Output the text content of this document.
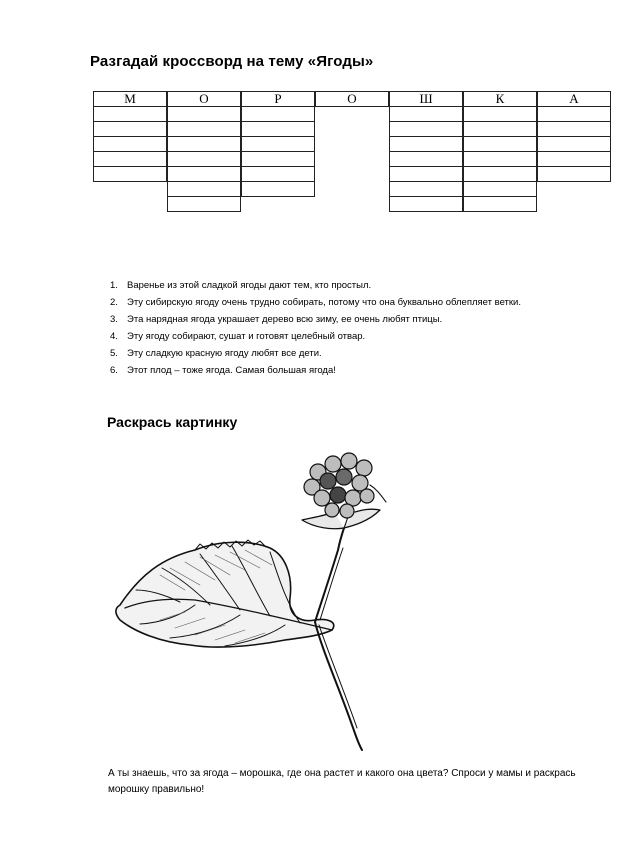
Разгадай кроссворд на тему «Ягоды»
М	О	Р	О	Ш	К	А
1. Варенье из этой сладкой ягоды дают тем, кто простыл.
2. Эту сибирскую ягоду очень трудно собирать, потому что она буквально облепляет ветки.
3. Эта нарядная ягода украшает дерево всю зиму, ее очень любят птицы.
4. Эту ягоду собирают, сушат и готовят целебный отвар.
5. Эту сладкую красную ягоду любят все дети.
6. Этот плод – тоже ягода. Самая большая ягода!
Раскрась картинку

А ты знаешь, что за ягода – морошка, где она растет и какого она цвета? Спроси у мамы и раскрась морошку правильно!
